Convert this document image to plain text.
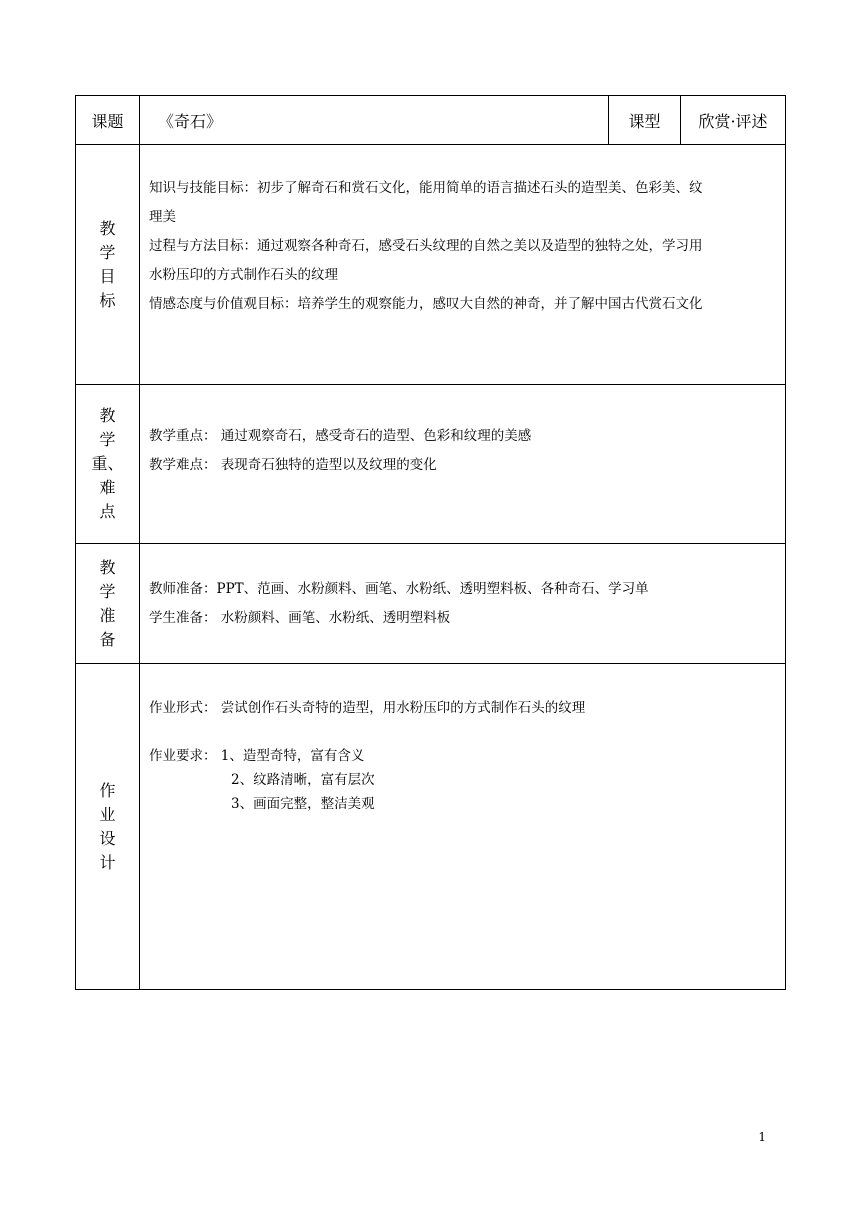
课题	《奇石》	课型	欣赏·评述

教
学
目
标	知识与技能目标：初步了解奇石和赏石文化，能用简单的语言描述石头的造型美、色彩美、纹
理美
过程与方法目标：通过观察各种奇石，感受石头纹理的自然之美以及造型的独特之处，学习用
水粉压印的方式制作石头的纹理
情感态度与价值观目标：培养学生的观察能力，感叹大自然的神奇，并了解中国古代赏石文化		

教
学
重、
难
点	教学重点： 通过观察奇石，感受奇石的造型、色彩和纹理的美感
教学难点： 表现奇石独特的造型以及纹理的变化		

教
学
准
备	教师准备：PPT、范画、水粉颜料、画笔、水粉纸、透明塑料板、各种奇石、学习单
学生准备： 水粉颜料、画笔、水粉纸、透明塑料板		

作
业
设
计	作业形式： 尝试创作石头奇特的造型，用水粉压印的方式制作石头的纹理
作业要求： 1、造型奇特，富有含义
2、纹路清晰，富有层次
3、画面完整，整洁美观		
1
